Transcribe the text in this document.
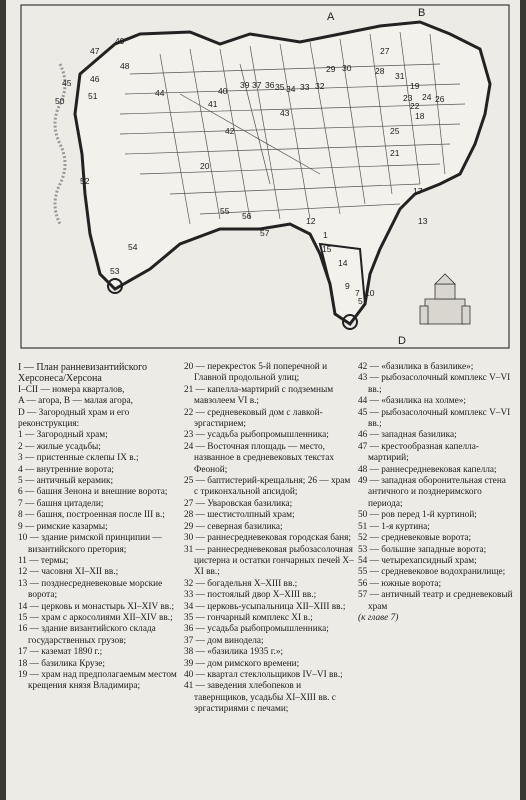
A	B
D
1
5
7 10
9
12	13
14
15
17
18
19
20
21
22
23 24
25
26
27
28
29 30
31
32
33
34
35
36
37
39
40
41
42
43
44
45 46
47
48
49
50	51
52
53
54
55 56
57
I — План ранневизантийского Херсонеса/Херсона
I–CII — номера кварталов,
A — агора, B — малая агора,
D — Загородный храм и его реконструкция:
1 — Загородный храм;
2 — жилые усадьбы;
3 — пристенные склепы IX в.;
4 — внутренние ворота;
5 — античный керамик;
6 — башня Зенона и внешние ворота;
7 — башня цитадели;
8 — башня, построенная после III в.;
9 — римские казармы;
10 — здание римской принципии — византийского претория;
11 — термы;
12 — часовня XI–XII вв.;
13 — позднесредневековые морские ворота;
14 — церковь и монастырь XI–XIV вв.;
15 — храм с аркосолиями XII–XIV вв.;
16 — здание византийского склада государственных грузов;
17 — каземат 1890 г.;
18 — базилика Крузе;
19 — храм над предполагаемым местом крещения князя Владимира;
20 — перекресток 5-й поперечной и Главной продольной улиц;
21 — капелла-мартирий с подземным мавзолеем VI в.;
22 — средневековый дом с лавкой-эргастирием;
23 — усадьба рыбопромышленника;
24 — Восточная площадь — место, названное в средневековых текстах Феоной;
25 — баптистерий-крещальня; 26 — храм с триконхальной апсидой;
27 — Уваровская базилика;
28 — шестистолпный храм;
29 — северная базилика;
30 — раннесредневековая городская баня;
31 — раннесредневековая рыбозасолочная цистерна и остатки гончарных печей X–XI вв.;
32 — богадельня X–XIII вв.;
33 — постоялый двор X–XIII вв.;
34 — церковь-усыпальница XII–XIII вв.;
35 — гончарный комплекс XI в.;
36 — усадьба рыбопромышленника;
37 — дом винодела;
38 — «базилика 1935 г.»;
39 — дом римского времени;
40 — квартал стеклольщиков IV–VI вв.;
41 — заведения хлебопеков и тавернщиков, усадьбы XI–XIII вв. с эргастириями с печами;
42 — «базилика в базилике»;
43 — рыбозасолочный комплекс V–VI вв.;
44 — «базилика на холме»;
45 — рыбозасолочный комплекс V–VI вв.;
46 — западная базилика;
47 — крестообразная капелла-мартирий;
48 — раннесредневековая капелла;
49 — западная оборонительная стена античного и позднеримского периода;
50 — ров перед 1-й куртиной;
51 — 1-я куртина;
52 — средневековые ворота;
53 — большие западные ворота;
54 — четырехапсидный храм;
55 — средневековое водохранилище;
56 — южные ворота;
57 — античный театр и средневековый храм
(к главе 7)
